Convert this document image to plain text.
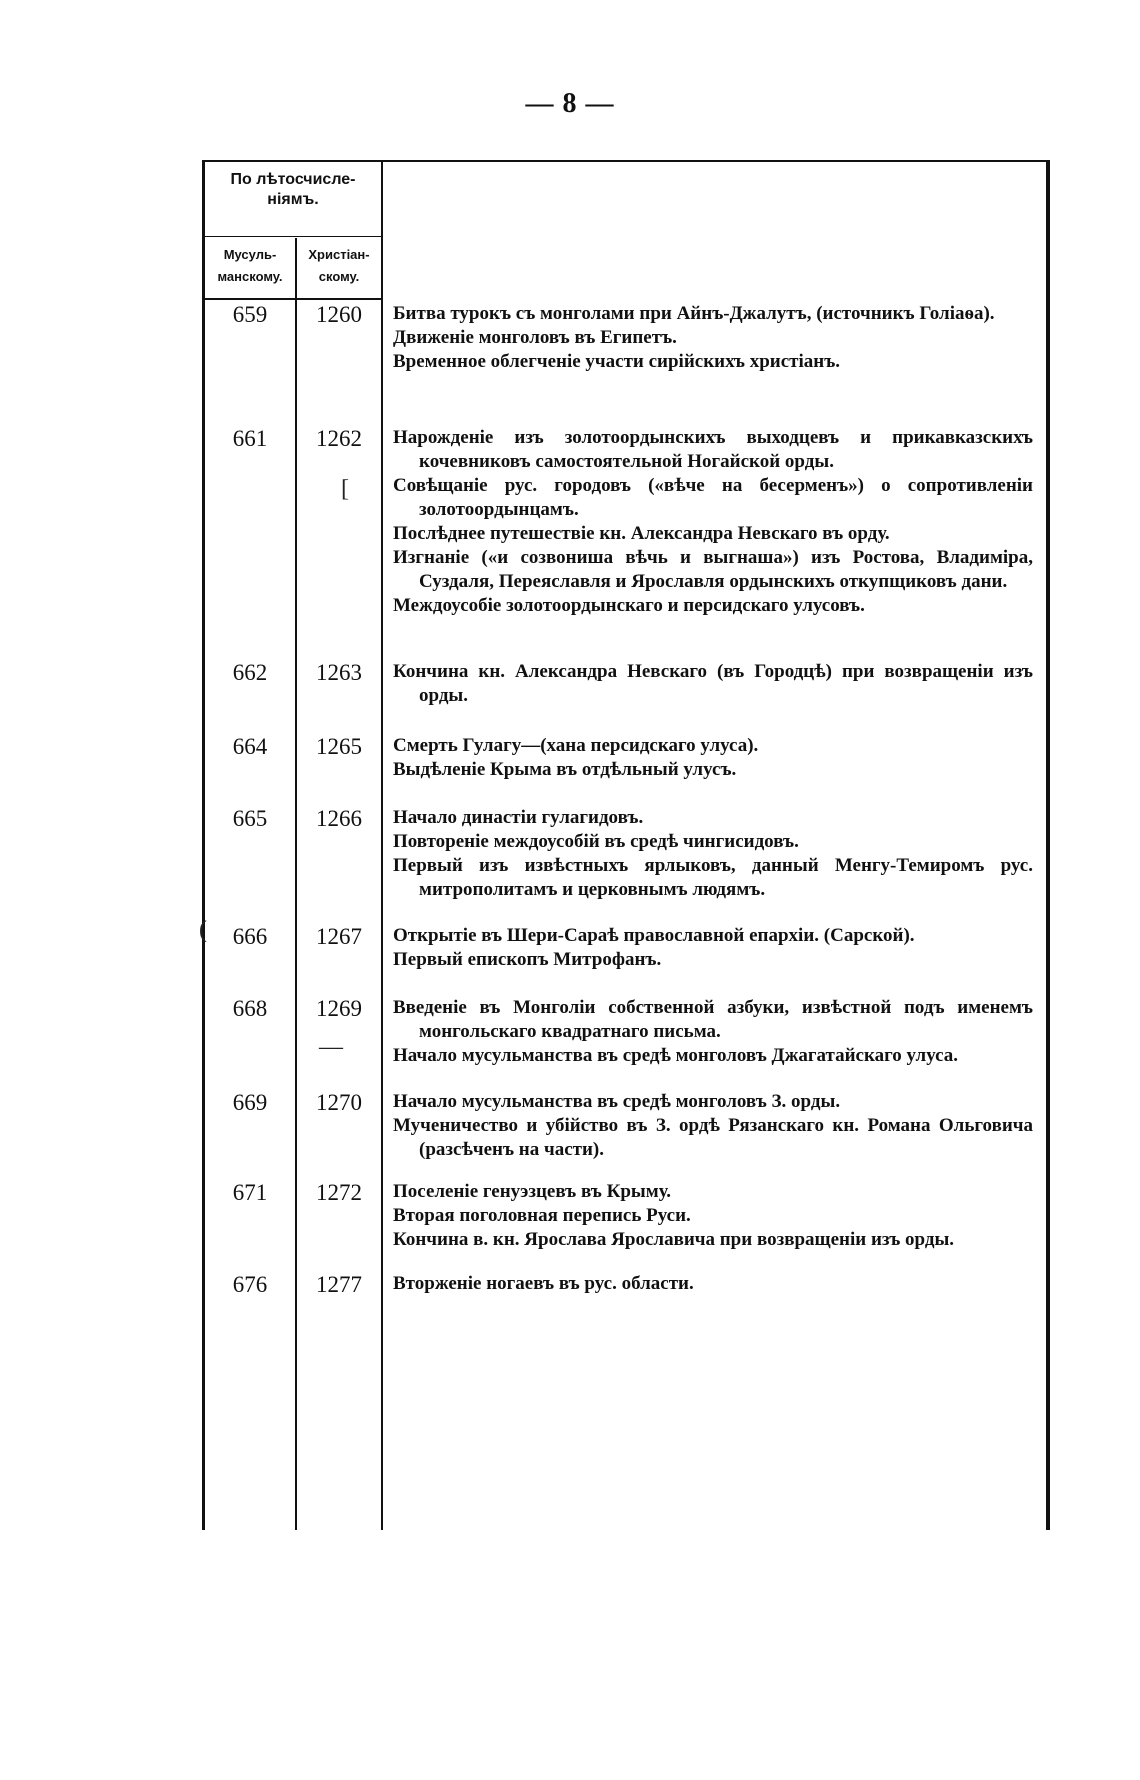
— 8 —
По лѣтосчисленіямъ.
Мусульманскому.
Христіанскому.
659	1260	Битва турокъ съ монголами при Айнъ-Джалутъ, (источникъ Голіаѳа).
Движеніе монголовъ въ Египетъ.
Временное облегченіе участи сирійскихъ христіанъ.
661	1262	Нарожденіе изъ золотоордынскихъ выходцевъ и прикавказскихъ кочевниковъ самостоятельной Ногайской орды.
Совѣщаніе рус. городовъ («вѣче на бесерменъ») о сопротивленіи золотоордынцамъ.
Послѣднее путешествіе кн. Александра Невскаго въ орду.
Изгнаніе («и созвониша вѣчь и выгнаша») изъ Ростова, Владиміра, Суздаля, Переяславля и Ярославля ордынскихъ откупщиковъ дани.
Междоусобіе золотоордынскаго и персидскаго улусовъ.
662	1263	Кончина кн. Александра Невскаго (въ Городцѣ) при возвращеніи изъ орды.
664	1265	Смерть Гулагу—(хана персидскаго улуса).
Выдѣленіе Крыма въ отдѣльный улусъ.
665	1266	Начало династіи гулагидовъ.
Повтореніе междоусобій въ средѣ чингисидовъ.
Первый изъ извѣстныхъ ярлыковъ, данный Менгу-Темиромъ рус. митрополитамъ и церковнымъ людямъ.
666	1267	Открытіе въ Шери-Сараѣ православной епархіи. (Сарской).
Первый епископъ Митрофанъ.
668	1269	Введеніе въ Монголіи собственной азбуки, извѣстной подъ именемъ монгольскаго квадратнаго письма.
Начало мусульманства въ средѣ монголовъ Джагатайскаго улуса.
669	1270	Начало мусульманства въ средѣ монголовъ З. орды.
Мученичество и убійство въ З. ордѣ Рязанскаго кн. Романа Ольговича (разсѣченъ на части).
671	1272	Поселеніе генуэзцевъ въ Крыму.
Вторая поголовная перепись Руси.
Кончина в. кн. Ярослава Ярославича при возвращеніи изъ орды.
676	1277	Вторженіе ногаевъ въ рус. области.
[
(
—
